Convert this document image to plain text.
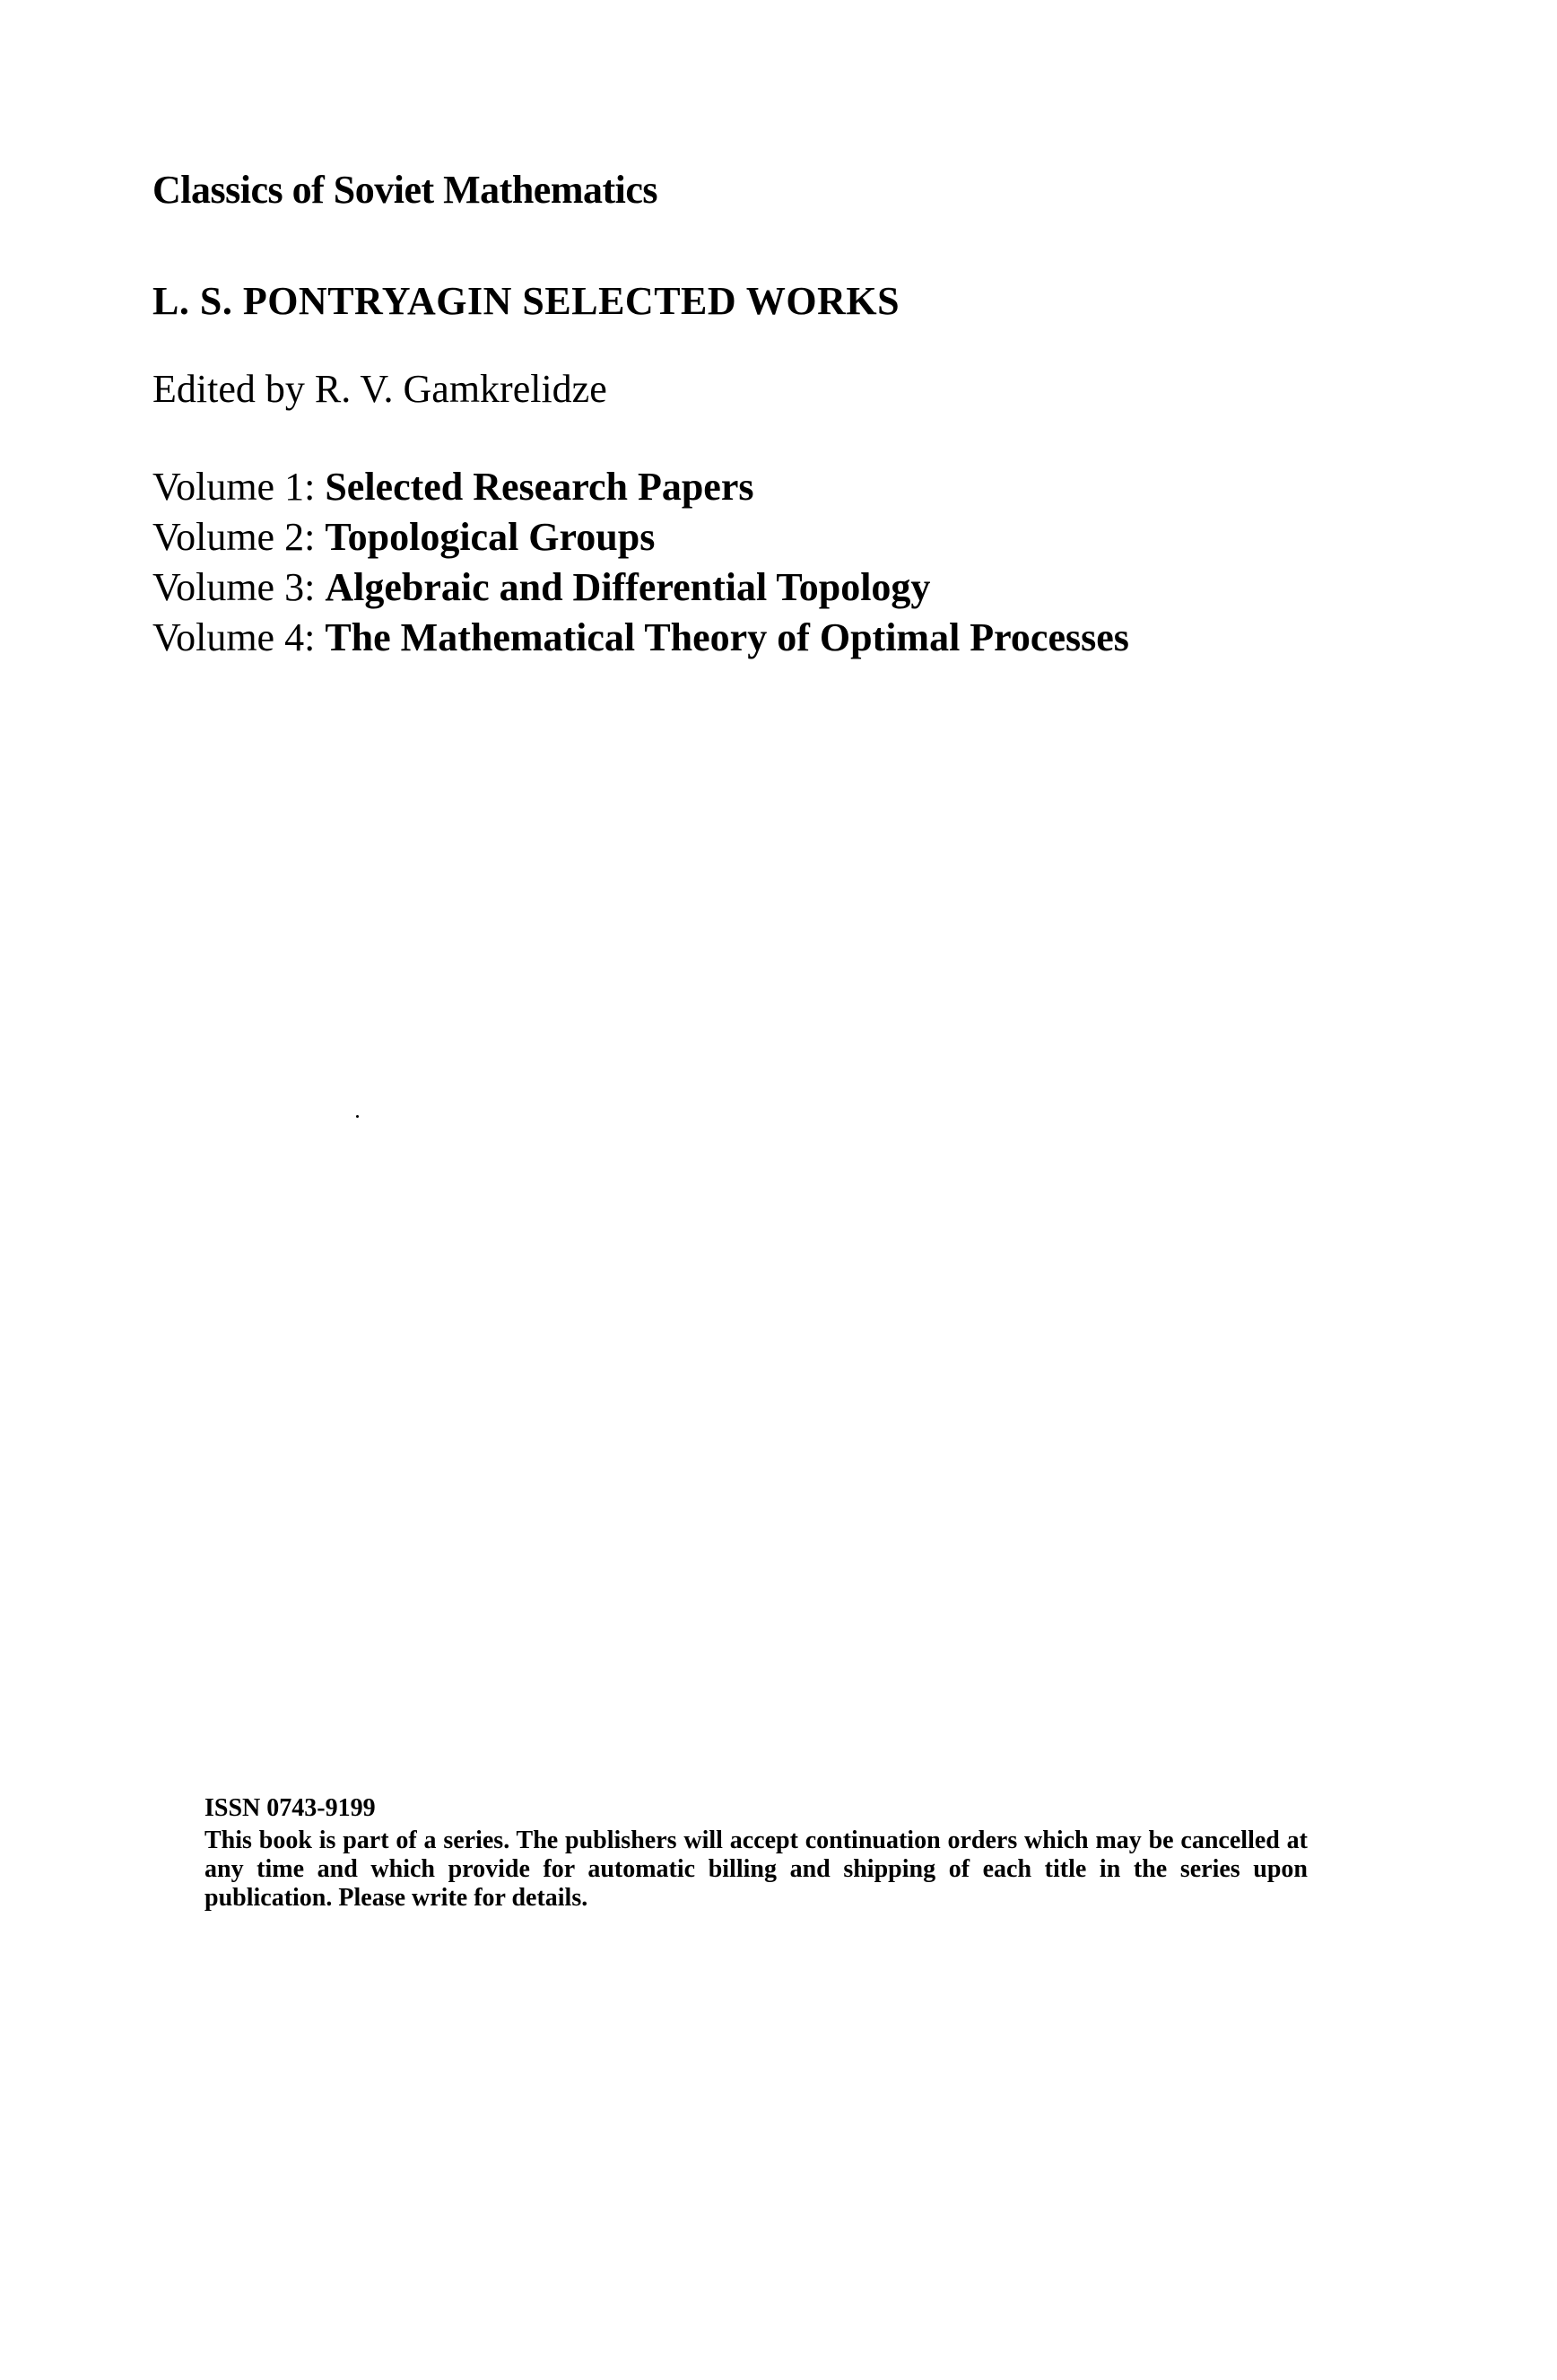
Classics of Soviet Mathematics
L. S. PONTRYAGIN SELECTED WORKS
Edited by R. V. Gamkrelidze
Volume 1: Selected Research Papers
Volume 2: Topological Groups
Volume 3: Algebraic and Differential Topology
Volume 4: The Mathematical Theory of Optimal Processes
ISSN 0743-9199
This book is part of a series. The publishers will accept continuation orders which may be cancelled at any time and which provide for automatic billing and shipping of each title in the series upon publication. Please write for details.
